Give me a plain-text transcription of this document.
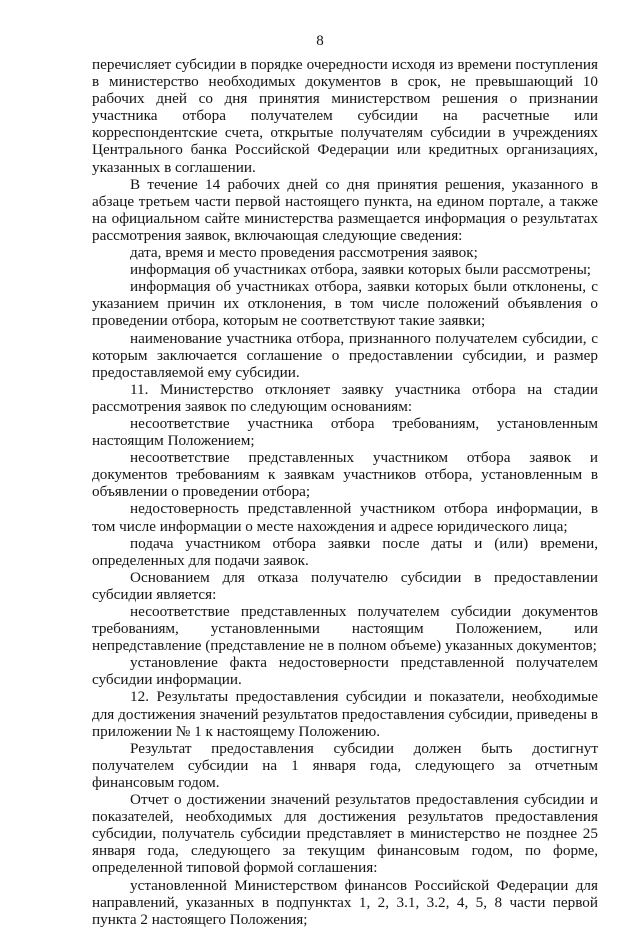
8

перечисляет субсидии в порядке очередности исходя из времени поступления в министерство необходимых документов в срок, не превышающий 10 рабочих дней со дня принятия министерством решения о признании участника отбора получателем субсидии на расчетные или корреспондентские счета, открытые получателям субсидии в учреждениях Центрального банка Российской Федерации или кредитных организациях, указанных в соглашении.

В течение 14 рабочих дней со дня принятия решения, указанного в абзаце третьем части первой настоящего пункта, на едином портале, а также на официальном сайте министерства размещается информация о результатах рассмотрения заявок, включающая следующие сведения:

дата, время и место проведения рассмотрения заявок;

информация об участниках отбора, заявки которых были рассмотрены;

информация об участниках отбора, заявки которых были отклонены, с указанием причин их отклонения, в том числе положений объявления о проведении отбора, которым не соответствуют такие заявки;

наименование участника отбора, признанного получателем субсидии, с которым заключается соглашение о предоставлении субсидии, и размер предоставляемой ему субсидии.

11. Министерство отклоняет заявку участника отбора на стадии рассмотрения заявок по следующим основаниям:

несоответствие участника отбора требованиям, установленным настоящим Положением;

несоответствие представленных участником отбора заявок и документов требованиям к заявкам участников отбора, установленным в объявлении о проведении отбора;

недостоверность представленной участником отбора информации, в том числе информации о месте нахождения и адресе юридического лица;

подача участником отбора заявки после даты и (или) времени, определенных для подачи заявок.

Основанием для отказа получателю субсидии в предоставлении субсидии является:

несоответствие представленных получателем субсидии документов требованиям, установленными настоящим Положением, или непредставление (представление не в полном объеме) указанных документов;

установление факта недостоверности представленной получателем субсидии информации.

12. Результаты предоставления субсидии и показатели, необходимые для достижения значений результатов предоставления субсидии, приведены в приложении № 1 к настоящему Положению.

Результат предоставления субсидии должен быть достигнут получателем субсидии на 1 января года, следующего за отчетным финансовым годом.

Отчет о достижении значений результатов предоставления субсидии и показателей, необходимых для достижения результатов предоставления субсидии, получатель субсидии представляет в министерство не позднее 25 января года, следующего за текущим финансовым годом, по форме, определенной типовой формой соглашения:

установленной Министерством финансов Российской Федерации для направлений, указанных в подпунктах 1, 2, 3.1, 3.2, 4, 5, 8 части первой пункта 2 настоящего Положения;
